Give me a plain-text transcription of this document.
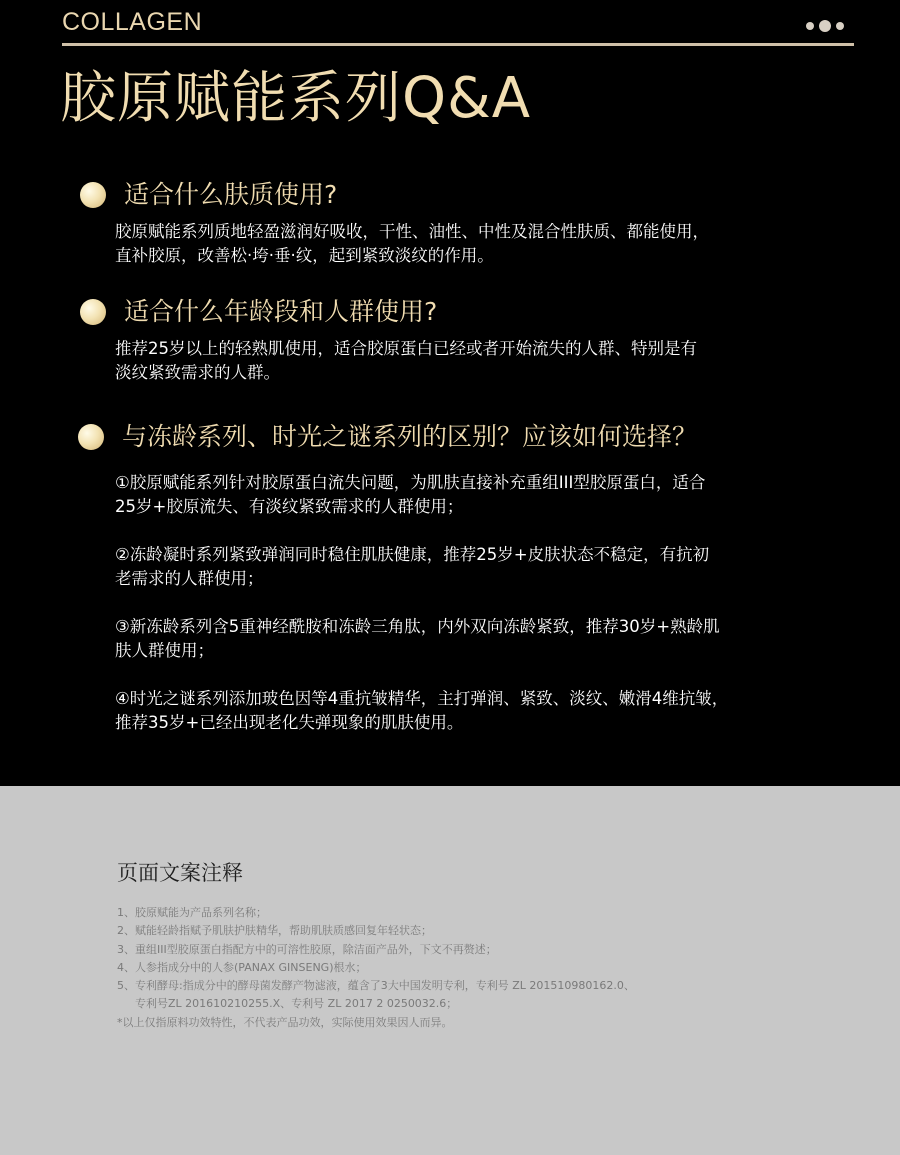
COLLAGEN
胶原赋能系列Q&A
适合什么肤质使用?
胶原赋能系列质地轻盈滋润好吸收，干性、油性、中性及混合性肤质、都能使用，
直补胶原，改善松·垮·垂·纹，起到紧致淡纹的作用。
适合什么年龄段和人群使用?
推荐25岁以上的轻熟肌使用，适合胶原蛋白已经或者开始流失的人群、特别是有
淡纹紧致需求的人群。
与冻龄系列、时光之谜系列的区别？应该如何选择？
①胶原赋能系列针对胶原蛋白流失问题，为肌肤直接补充重组III型胶原蛋白，适合
25岁+胶原流失、有淡纹紧致需求的人群使用；
②冻龄凝时系列紧致弹润同时稳住肌肤健康，推荐25岁+皮肤状态不稳定，有抗初
老需求的人群使用；
③新冻龄系列含5重神经酰胺和冻龄三角肽，内外双向冻龄紧致，推荐30岁+熟龄肌
肤人群使用；
④时光之谜系列添加玻色因等4重抗皱精华，主打弹润、紧致、淡纹、嫩滑4维抗皱，
推荐35岁+已经出现老化失弹现象的肌肤使用。
页面文案注释
1、胶原赋能为产品系列名称；
2、赋能轻龄指赋予肌肤护肤精华，帮助肌肤质感回复年轻状态；
3、重组III型胶原蛋白指配方中的可溶性胶原，除洁面产品外，下文不再赘述；
4、人参指成分中的人参(PANAX GINSENG)根水；
5、专利酵母:指成分中的酵母菌发酵产物滤液，蕴含了3大中国发明专利，专利号 ZL 201510980162.0、
专利号ZL 201610210255.X、专利号 ZL 2017 2 0250032.6；
*以上仅指原料功效特性，不代表产品功效，实际使用效果因人而异。
